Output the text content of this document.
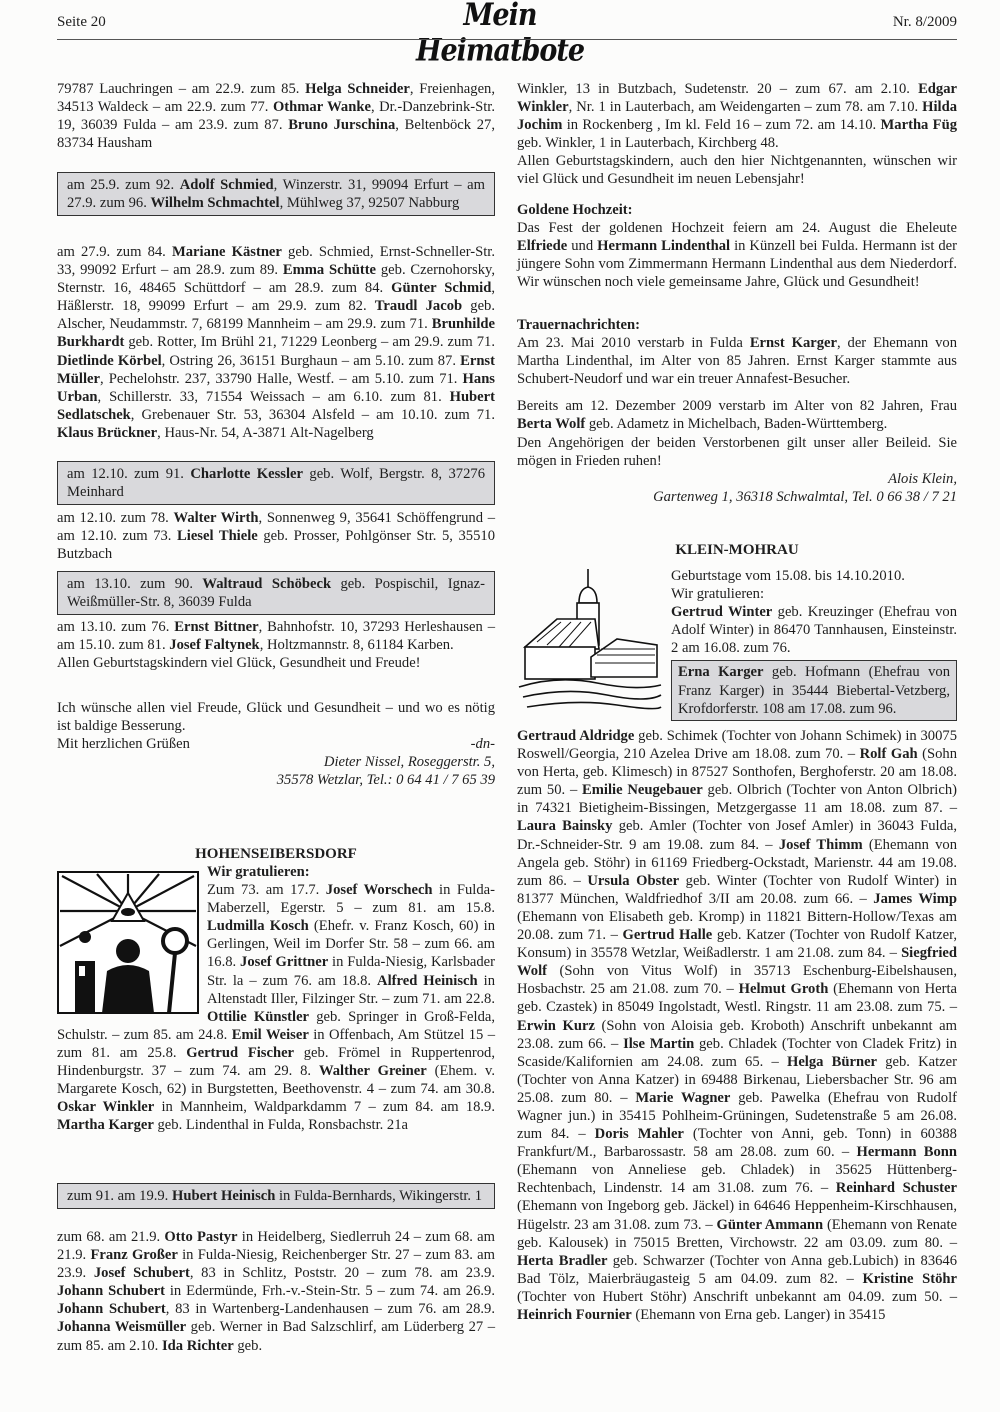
Seite 20	Mein Heimatbote
Nr. 8/2009

79787 Lauchringen – am 22.9. zum 85. Helga Schneider, Freienhagen, 34513 Waldeck – am 22.9. zum 77. Othmar Wanke, Dr.-Danzebrink-Str. 19, 36039 Fulda – am 23.9. zum 87. Bruno Jurschina, Beltenböck 27, 83734 Hausham

am 25.9. zum 92. Adolf Schmied, Winzerstr. 31, 99094 Erfurt – am 27.9. zum 96. Wilhelm Schmachtel, Mühlweg 37, 92507 Nabburg

am 27.9. zum 84. Mariane Kästner geb. Schmied, Ernst-Schneller-Str. 33, 99092 Erfurt – am 28.9. zum 89. Emma Schütte geb. Czernohorsky, Sternstr. 16, 48465 Schüttdorf – am 28.9. zum 84. Günter Schmid, Häßlerstr. 18, 99099 Erfurt – am 29.9. zum 82. Traudl Jacob geb. Alscher, Neudammstr. 7, 68199 Mannheim – am 29.9. zum 71. Brunhilde Burkhardt geb. Rotter, Im Brühl 21, 71229 Leonberg – am 29.9. zum 71. Dietlinde Körbel, Ostring 26, 36151 Burghaun – am 5.10. zum 87. Ernst Müller, Pechelohstr. 237, 33790 Halle, Westf. – am 5.10. zum 71. Hans Urban, Schillerstr. 33, 71554 Weissach – am 6.10. zum 81. Hubert Sedlatschek, Grebenauer Str. 53, 36304 Alsfeld – am 10.10. zum 71. Klaus Brückner, Haus-Nr. 54, A-3871 Alt-Nagelberg

am 12.10. zum 91. Charlotte Kessler geb. Wolf, Bergstr. 8, 37276 Meinhard

am 12.10. zum 78. Walter Wirth, Sonnenweg 9, 35641 Schöffengrund – am 12.10. zum 73. Liesel Thiele geb. Prosser, Pohlgönser Str. 5, 35510 Butzbach

am 13.10. zum 90. Waltraud Schöbeck geb. Pospischil, Ignaz-Weißmüller-Str. 8, 36039 Fulda

am 13.10. zum 76. Ernst Bittner, Bahnhofstr. 10, 37293 Herleshausen – am 15.10. zum 81. Josef Faltynek, Holtzmannstr. 8, 61184 Karben.

Allen Geburtstagskindern viel Glück, Gesundheit und Freude!

Ich wünsche allen viel Freude, Glück und Gesundheit – und wo es nötig ist baldige Besserung.

Mit herzlichen Grüßen	-dn-
Dieter Nissel, Roseggerstr. 5,
35578 Wetzlar, Tel.: 0 64 41 / 7 65 39
HOHENSEIBERSDORF

Wir gratulieren:

Zum 73. am 17.7. Josef Worschech in Fulda-Maberzell, Egerstr. 5 – zum 81. am 15.8. Ludmilla Kosch (Ehefr. v. Franz Kosch, 60) in Gerlingen, Weil im Dorfer Str. 58 – zum 66. am 16.8. Josef Grittner in Fulda-Niesig, Karlsbader Str. la – zum 76. am 18.8. Alfred Heinisch in Altenstadt Iller, Filzinger Str. – zum 71. am 22.8. Ottilie Künstler geb. Springer in Groß-Felda, Schulstr. – zum 85. am 24.8. Emil Weiser in Offenbach, Am Stützel 15 – zum 81. am 25.8. Gertrud Fischer geb. Frömel in Ruppertenrod, Hindenburgstr. 37 – zum 74. am 29. 8. Walther Greiner (Ehem. v. Margarete Kosch, 62) in Burgstetten, Beethovenstr. 4 – zum 74. am 30.8. Oskar Winkler in Mannheim, Waldparkdamm 7 – zum 84. am 18.9. Martha Karger geb. Lindenthal in Fulda, Ronsbachstr. 21a

zum 91. am 19.9. Hubert Heinisch in Fulda-Bernhards, Wikingerstr. 1

zum 68. am 21.9. Otto Pastyr in Heidelberg, Siedlerruh 24 – zum 68. am 21.9. Franz Großer in Fulda-Niesig, Reichenberger Str. 27 – zum 83. am 23.9. Josef Schubert, 83 in Schlitz, Poststr. 20 – zum 78. am 23.9. Johann Schubert in Edermünde, Frh.-v.-Stein-Str. 5 – zum 74. am 26.9. Johann Schubert, 83 in Wartenberg-Landenhausen – zum 76. am 28.9. Johanna Weismüller geb. Werner in Bad Salzschlirf, am Lüderberg 27 – zum 85. am 2.10. Ida Richter geb.

Winkler, 13 in Butzbach, Sudetenstr. 20 – zum 67. am 2.10. Edgar Winkler, Nr. 1 in Lauterbach, am Weidengarten – zum 78. am 7.10. Hilda Jochim in Rockenberg , Im kl. Feld 16 – zum 72. am 14.10. Martha Füg geb. Winkler, 1 in Lauterbach, Kirchberg 48.

Allen Geburtstagskindern, auch den hier Nichtgenannten, wünschen wir viel Glück und Gesundheit im neuen Lebensjahr!

Goldene Hochzeit:

Das Fest der goldenen Hochzeit feiern am 24. August die Eheleute Elfriede und Hermann Lindenthal in Künzell bei Fulda. Hermann ist der jüngere Sohn vom Zimmermann Hermann Lindenthal aus dem Niederdorf. Wir wünschen noch viele gemeinsame Jahre, Glück und Gesundheit!

Trauernachrichten:

Am 23. Mai 2010 verstarb in Fulda Ernst Karger, der Ehemann von Martha Lindenthal, im Alter von 85 Jahren. Ernst Karger stammte aus Schubert-Neudorf und war ein treuer Annafest-Besucher.

Bereits am 12. Dezember 2009 verstarb im Alter von 82 Jahren, Frau Berta Wolf geb. Adametz in Michelbach, Baden-Württemberg.

Den Angehörigen der beiden Verstorbenen gilt unser aller Beileid. Sie mögen in Frieden ruhen!

Alois Klein,
Gartenweg 1, 36318 Schwalmtal, Tel. 0 66 38 / 7 21
KLEIN-MOHRAU

Geburtstage vom 15.08. bis 14.10.2010.

Wir gratulieren:

Gertrud Winter geb. Kreuzinger (Ehefrau von Adolf Winter) in 86470 Tannhausen, Einsteinstr. 2 am 16.08. zum 76.

Erna Karger geb. Hofmann (Ehefrau von Franz Karger) in 35444 Biebertal-Vetzberg, Krofdorferstr. 108 am 17.08. zum 96.

Gertraud Aldridge geb. Schimek (Tochter von Johann Schimek) in 30075 Roswell/Georgia, 210 Azelea Drive am 18.08. zum 70. – Rolf Gah (Sohn von Herta, geb. Klimesch) in 87527 Sonthofen, Berghoferstr. 20 am 18.08. zum 50. – Emilie Neugebauer geb. Olbrich (Tochter von Anton Olbrich) in 74321 Bietigheim-Bissingen, Metzgergasse 11 am 18.08. zum 87. – Laura Bainsky geb. Amler (Tochter von Josef Amler) in 36043 Fulda, Dr.-Schneider-Str. 9 am 19.08. zum 84. – Josef Thimm (Ehemann von Angela geb. Stöhr) in 61169 Friedberg-Ockstadt, Marienstr. 44 am 19.08. zum 86. – Ursula Obster geb. Winter (Tochter von Rudolf Winter) in 81377 München, Waldfriedhof 3/II am 20.08. zum 66. – James Wimp (Ehemann von Elisabeth geb. Kromp) in 11821 Bittern-Hollow/Texas am 20.08. zum 71. – Gertrud Halle geb. Katzer (Tochter von Rudolf Katzer, Konsum) in 35578 Wetzlar, Weißadlerstr. 1 am 21.08. zum 84. – Siegfried Wolf (Sohn von Vitus Wolf) in 35713 Eschenburg-Eibelshausen, Hosbachstr. 25 am 21.08. zum 70. – Helmut Groth (Ehemann von Herta geb. Czastek) in 85049 Ingolstadt, Westl. Ringstr. 11 am 23.08. zum 75. – Erwin Kurz (Sohn von Aloisia geb. Kroboth) Anschrift unbekannt am 23.08. zum 66. – Ilse Martin geb. Chladek (Tochter von Cladek Fritz) in Scaside/Kalifornien am 24.08. zum 65. – Helga Bürner geb. Katzer (Tochter von Anna Katzer) in 69488 Birkenau, Liebersbacher Str. 96 am 25.08. zum 80. – Marie Wagner geb. Pawelka (Ehefrau von Rudolf Wagner jun.) in 35415 Pohlheim-Grüningen, Sudetenstraße 5 am 26.08. zum 84. – Doris Mahler (Tochter von Anni, geb. Tonn) in 60388 Frankfurt/M., Barbarossastr. 58 am 28.08. zum 60. – Hermann Bonn (Ehemann von Anneliese geb. Chladek) in 35625 Hüttenberg-Rechtenbach, Lindenstr. 14 am 31.08. zum 76. – Reinhard Schuster (Ehemann von Ingeborg geb. Jäckel) in 64646 Heppenheim-Kirschhausen, Hügelstr. 23 am 31.08. zum 73. – Günter Ammann (Ehemann von Renate geb. Kalousek) in 75015 Bretten, Virchowstr. 22 am 03.09. zum 80. – Herta Bradler geb. Schwarzer (Tochter von Anna geb.Lubich) in 83646 Bad Tölz, Maierbräugasteig 5 am 04.09. zum 82. – Kristine Stöhr (Tochter von Hubert Stöhr) Anschrift unbekannt am 04.09. zum 50. – Heinrich Fournier (Ehemann von Erna geb. Langer) in 35415
